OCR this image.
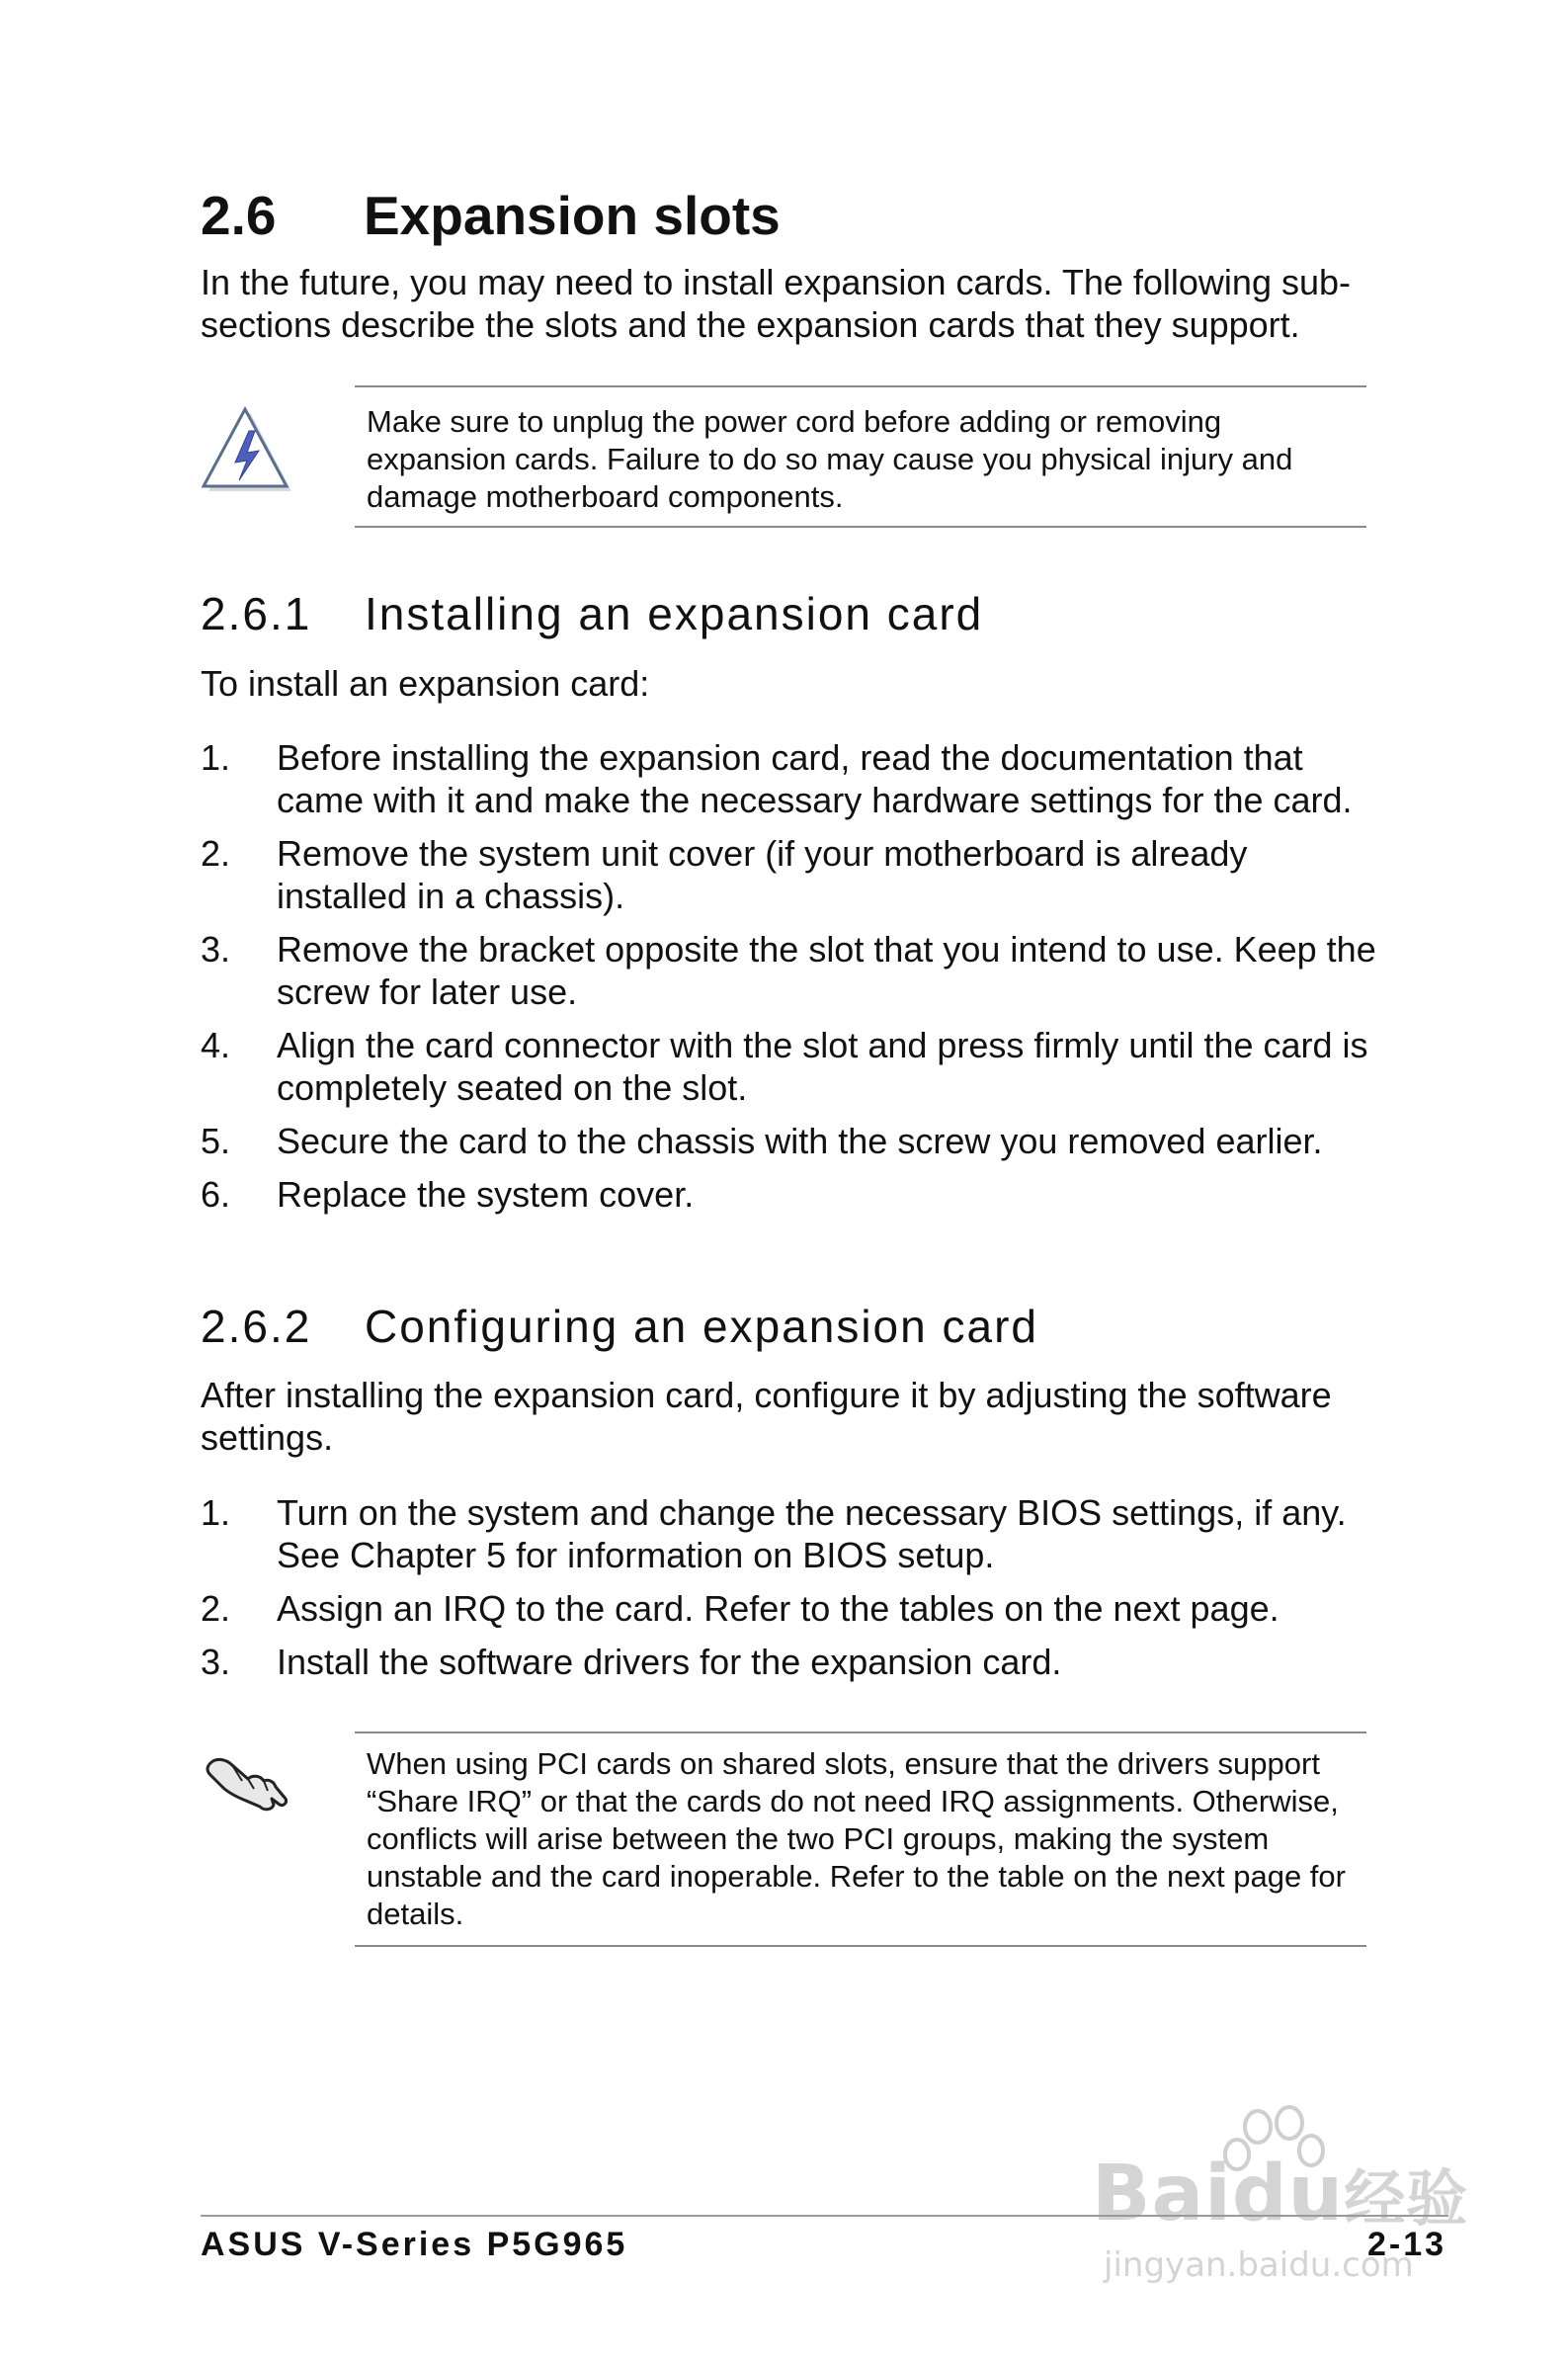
2.6 Expansion slots

In the future, you may need to install expansion cards. The following sub-sections describe the slots and the expansion cards that they support.

Make sure to unplug the power cord before adding or removing expansion cards. Failure to do so may cause you physical injury and damage motherboard components.

2.6.1 Installing an expansion card

To install an expansion card:

1. Before installing the expansion card, read the documentation that came with it and make the necessary hardware settings for the card.
2. Remove the system unit cover (if your motherboard is already installed in a chassis).
3. Remove the bracket opposite the slot that you intend to use. Keep the screw for later use.
4. Align the card connector with the slot and press firmly until the card is completely seated on the slot.
5. Secure the card to the chassis with the screw you removed earlier.
6. Replace the system cover.
2.6.2 Configuring an expansion card

After installing the expansion card, configure it by adjusting the software settings.

1. Turn on the system and change the necessary BIOS settings, if any. See Chapter 5 for information on BIOS setup.
2. Assign an IRQ to the card. Refer to the tables on the next page.
3. Install the software drivers for the expansion card.

When using PCI cards on shared slots, ensure that the drivers support “Share IRQ” or that the cards do not need IRQ assignments. Otherwise, conflicts will arise between the two PCI groups, making the system unstable and the card inoperable. Refer to the table on the next page for details.

Baidu经验
jingyan.baidu.com
ASUS V-Series P5G965	2-13
